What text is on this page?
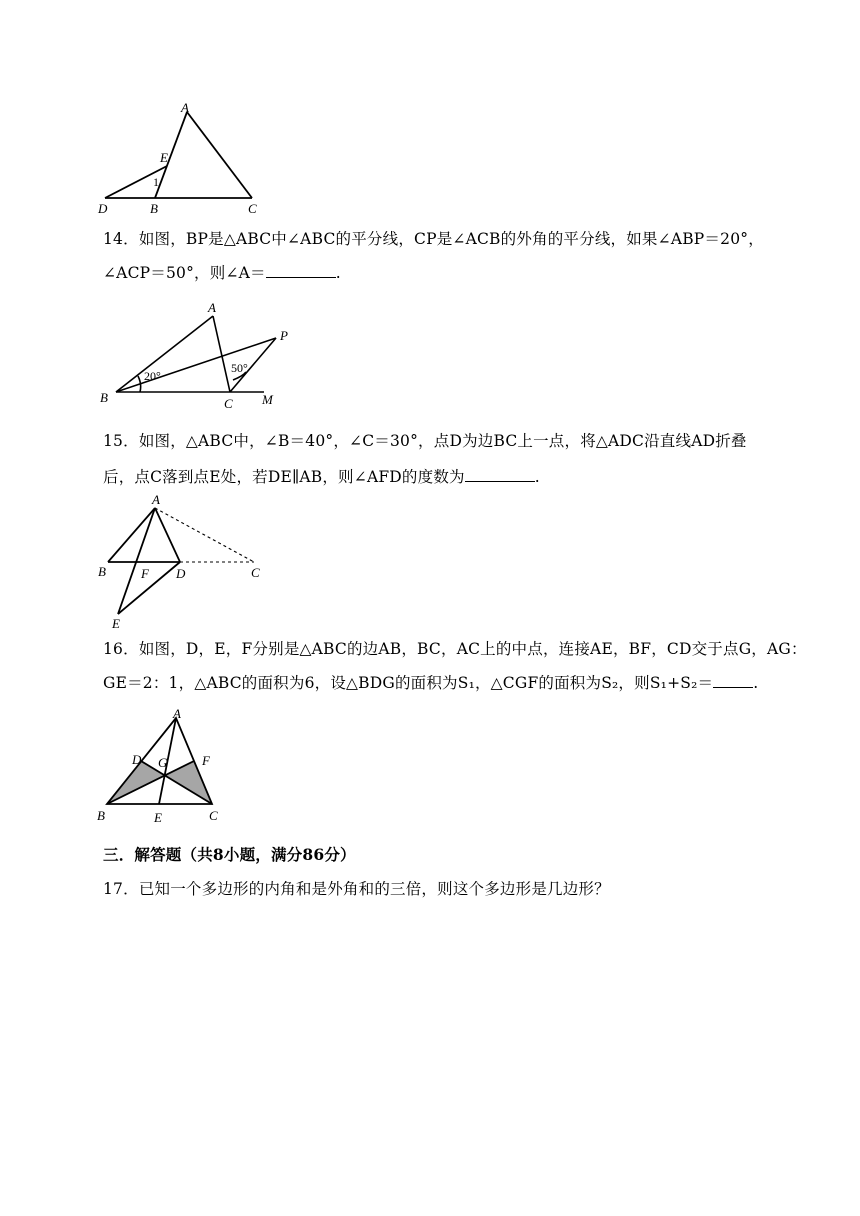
A
E
1
D	B	C
14．如图，BP是△ABC中∠ABC的平分线，CP是∠ACB的外角的平分线，如果∠ABP＝20°，
∠ACP＝50°，则∠A＝	.
A
P
B	C M
20°
50°
15．如图，△ABC中，∠B＝40°，∠C＝30°，点D为边BC上一点，将△ADC沿直线AD折叠
后，点C落到点E处，若DE∥AB，则∠AFD的度数为	.
A
B	F D	C
E
16．如图，D，E，F分别是△ABC的边AB，BC，AC上的中点，连接AE，BF，CD交于点G，AG：
GE＝2：1，△ABC的面积为6，设△BDG的面积为S₁，△CGF的面积为S₂，则S₁+S₂＝	.
A
D G	F
B	E	C
三．解答题（共8小题，满分86分）
17．已知一个多边形的内角和是外角和的三倍，则这个多边形是几边形？
